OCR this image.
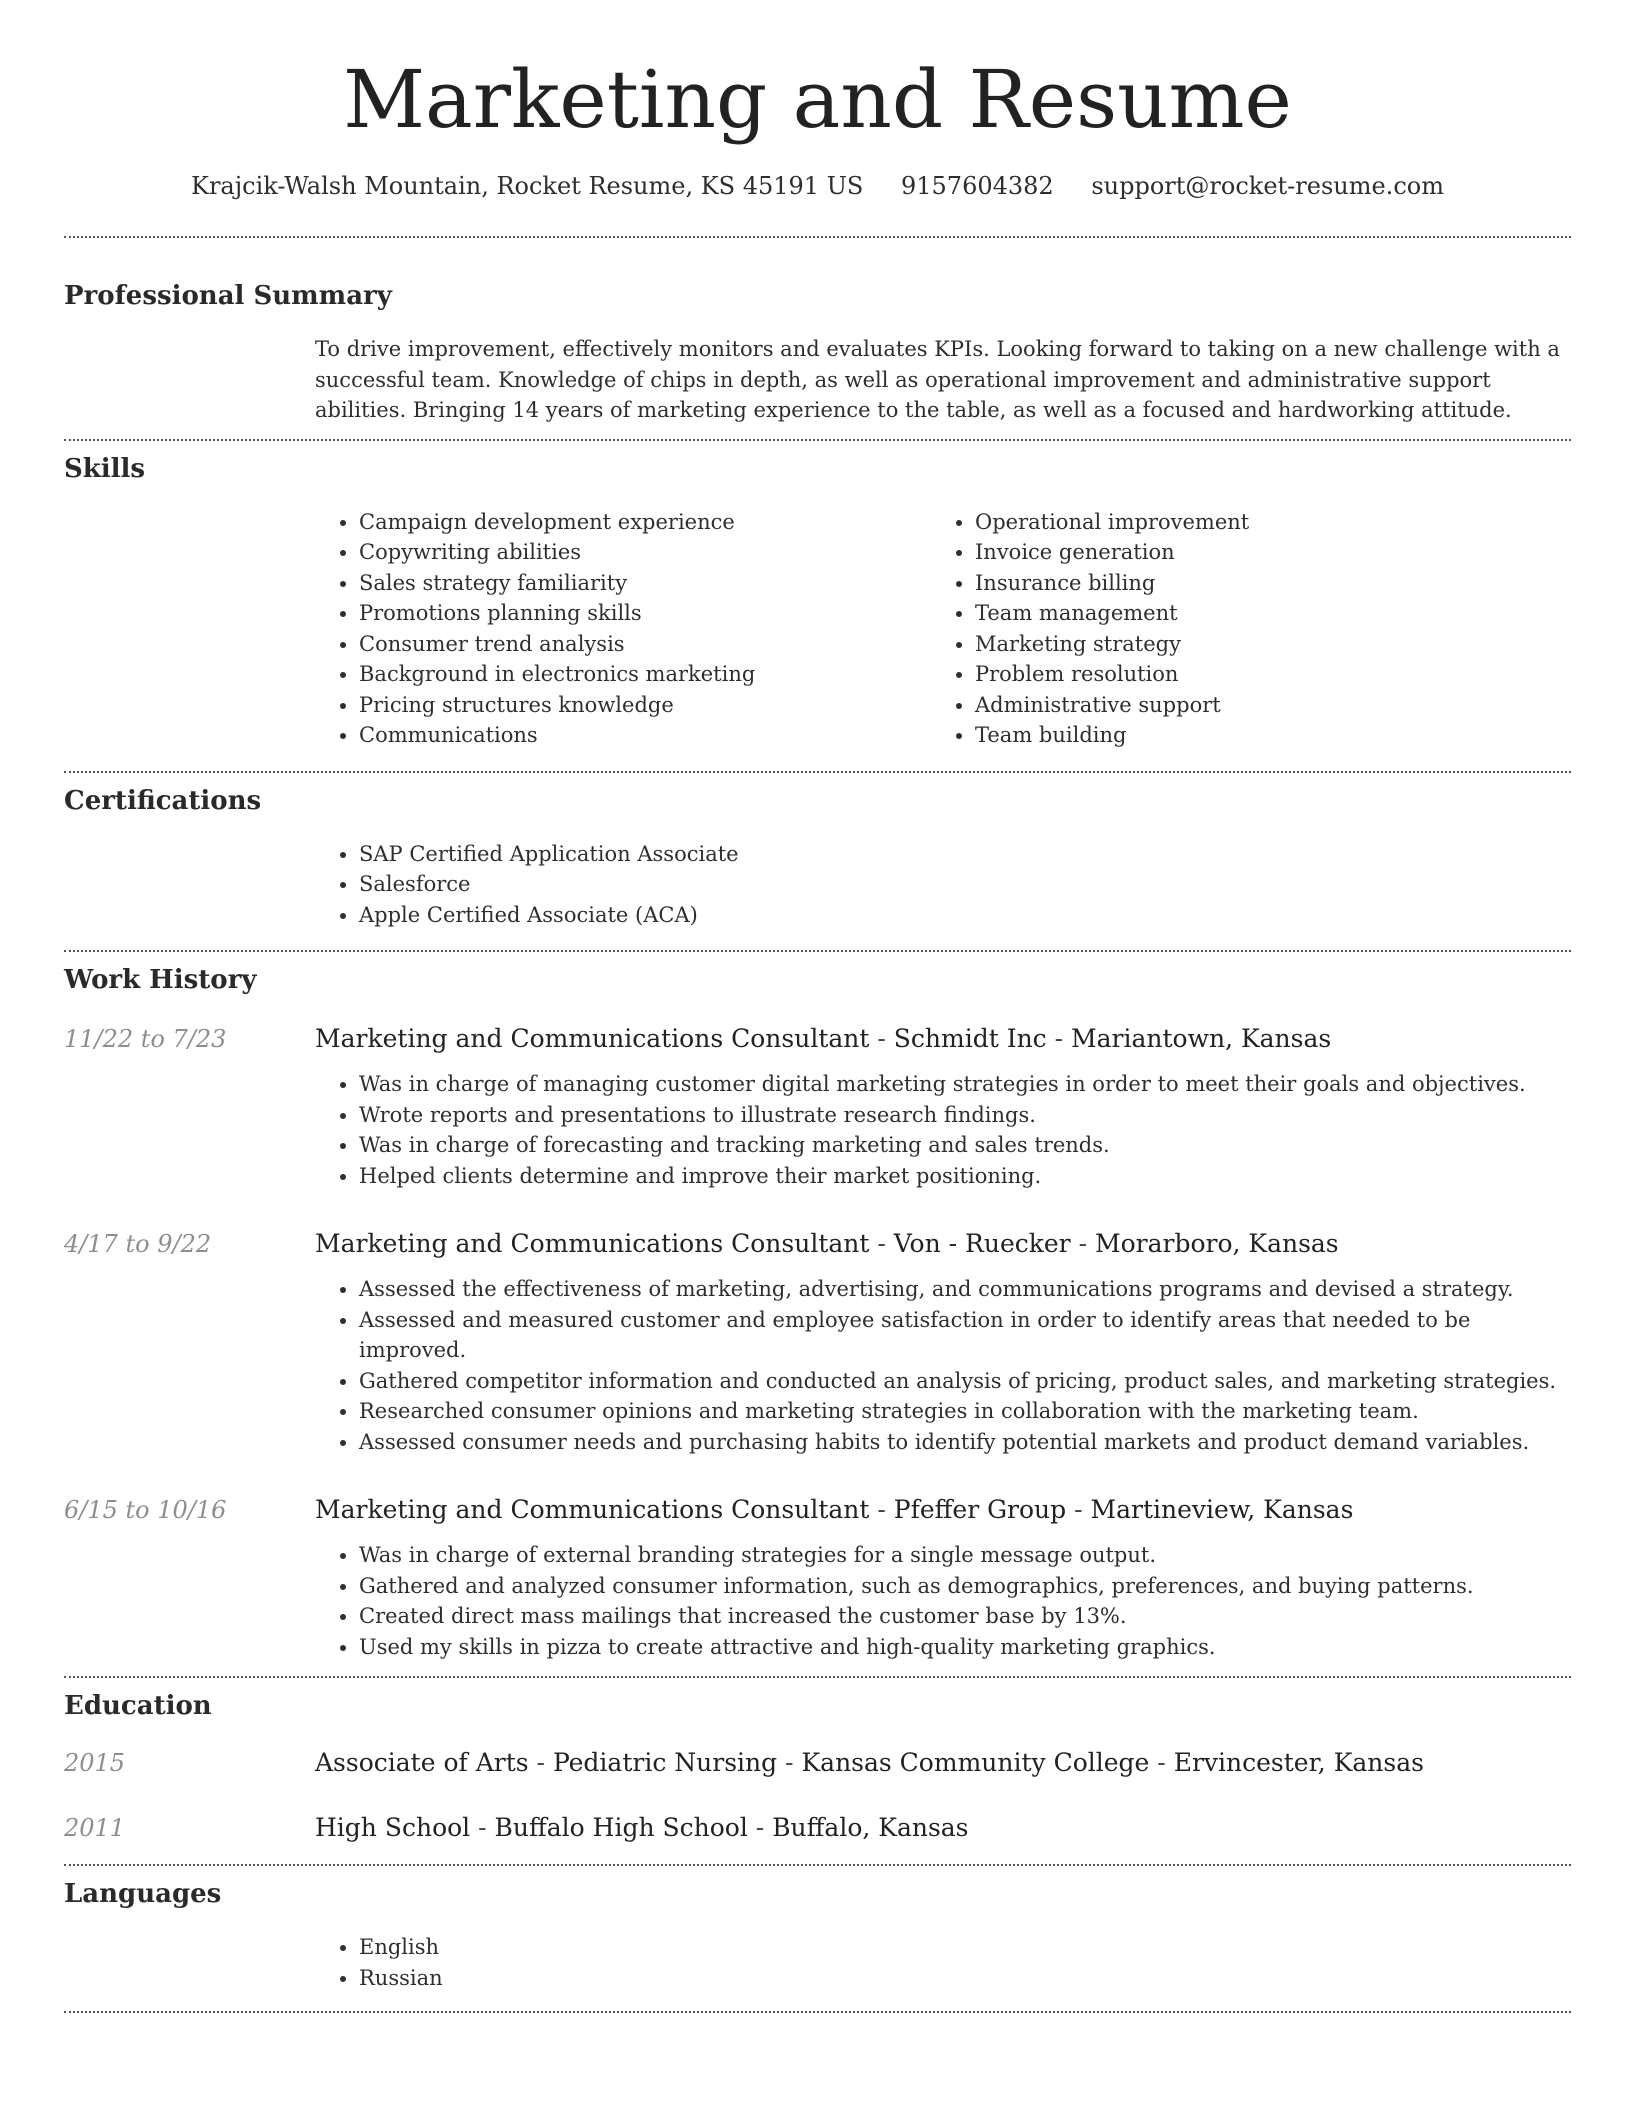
Marketing and Resume
Krajcik-Walsh Mountain, Rocket Resume, KS 45191 US 9157604382 support@rocket-resume.com
Professional Summary
To drive improvement, effectively monitors and evaluates KPIs. Looking forward to taking on a new challenge with a successful team. Knowledge of chips in depth, as well as operational improvement and administrative support abilities. Bringing 14 years of marketing experience to the table, as well as a focused and hardworking attitude.
Skills
• Campaign development experience
• Copywriting abilities
• Sales strategy familiarity
• Promotions planning skills
• Consumer trend analysis
• Background in electronics marketing
• Pricing structures knowledge
• Communications
• Operational improvement
• Invoice generation
• Insurance billing
• Team management
• Marketing strategy
• Problem resolution
• Administrative support
• Team building
Certifications
• SAP Certified Application Associate
• Salesforce
• Apple Certified Associate (ACA)
Work History
11/22 to 7/23	Marketing and Communications Consultant - Schmidt Inc - Mariantown, Kansas
• Was in charge of managing customer digital marketing strategies in order to meet their goals and objectives.
• Wrote reports and presentations to illustrate research findings.
• Was in charge of forecasting and tracking marketing and sales trends.
• Helped clients determine and improve their market positioning.
4/17 to 9/22	Marketing and Communications Consultant - Von - Ruecker - Morarboro, Kansas
• Assessed the effectiveness of marketing, advertising, and communications programs and devised a strategy.
• Assessed and measured customer and employee satisfaction in order to identify areas that needed to be improved.
• Gathered competitor information and conducted an analysis of pricing, product sales, and marketing strategies.
• Researched consumer opinions and marketing strategies in collaboration with the marketing team.
• Assessed consumer needs and purchasing habits to identify potential markets and product demand variables.
6/15 to 10/16	Marketing and Communications Consultant - Pfeffer Group - Martineview, Kansas
• Was in charge of external branding strategies for a single message output.
• Gathered and analyzed consumer information, such as demographics, preferences, and buying patterns.
• Created direct mass mailings that increased the customer base by 13%.
• Used my skills in pizza to create attractive and high-quality marketing graphics.
Education
2015	Associate of Arts - Pediatric Nursing - Kansas Community College - Ervincester, Kansas
2011	High School - Buffalo High School - Buffalo, Kansas
Languages
• English
• Russian
